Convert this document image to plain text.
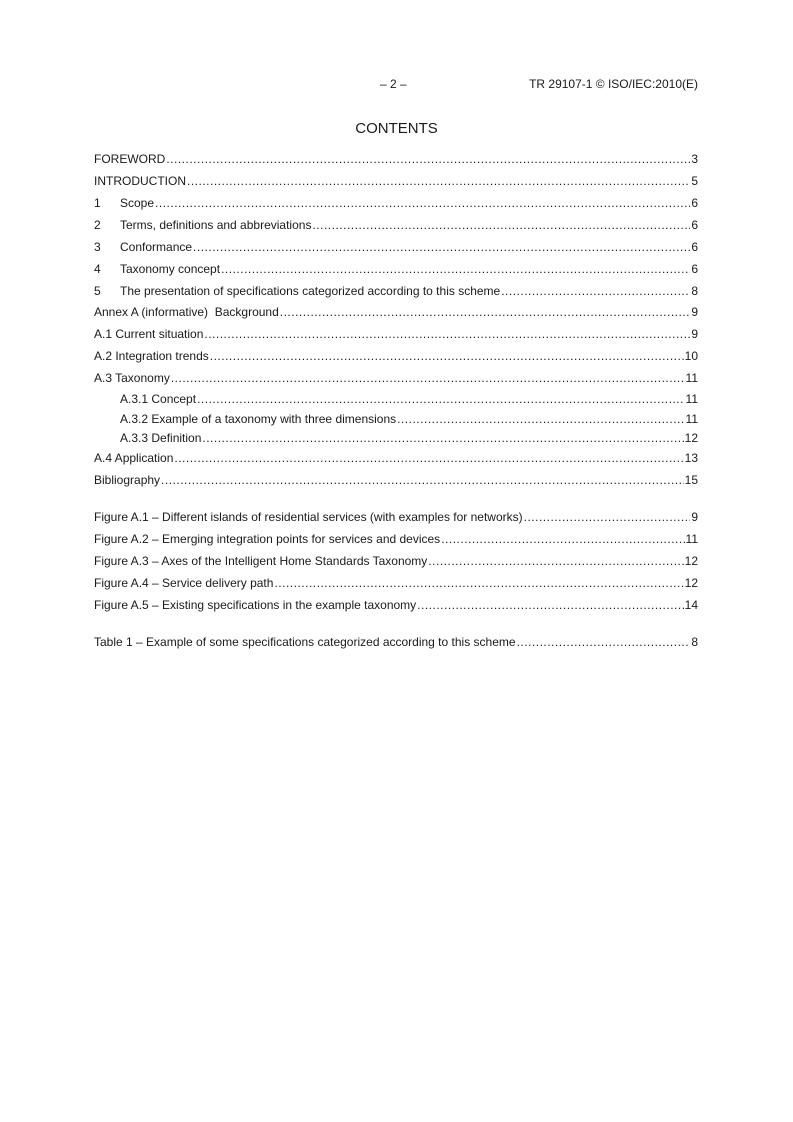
– 2 –	TR 29107-1 © ISO/IEC:2010(E)
CONTENTS
FOREWORD .....	3
INTRODUCTION .....	5
1	Scope .....	6
2	Terms, definitions and abbreviations .....	6
3	Conformance .....	6
4	Taxonomy concept .....	6
5	The presentation of specifications categorized according to this scheme .....	8
Annex A (informative)  Background .....	9
A.1 Current situation .....	9
A.2 Integration trends .....	10
A.3 Taxonomy .....	11
A.3.1 Concept .....	11
A.3.2 Example of a taxonomy with three dimensions .....	11
A.3.3 Definition .....	12
A.4 Application .....	13
Bibliography .....	15
Figure A.1 – Different islands of residential services (with examples for networks) .....	9
Figure A.2 – Emerging integration points for services and devices .....	11
Figure A.3 – Axes of the Intelligent Home Standards Taxonomy .....	12
Figure A.4 – Service delivery path .....	12
Figure A.5 – Existing specifications in the example taxonomy .....	14
Table 1 – Example of some specifications categorized according to this scheme .....	8
